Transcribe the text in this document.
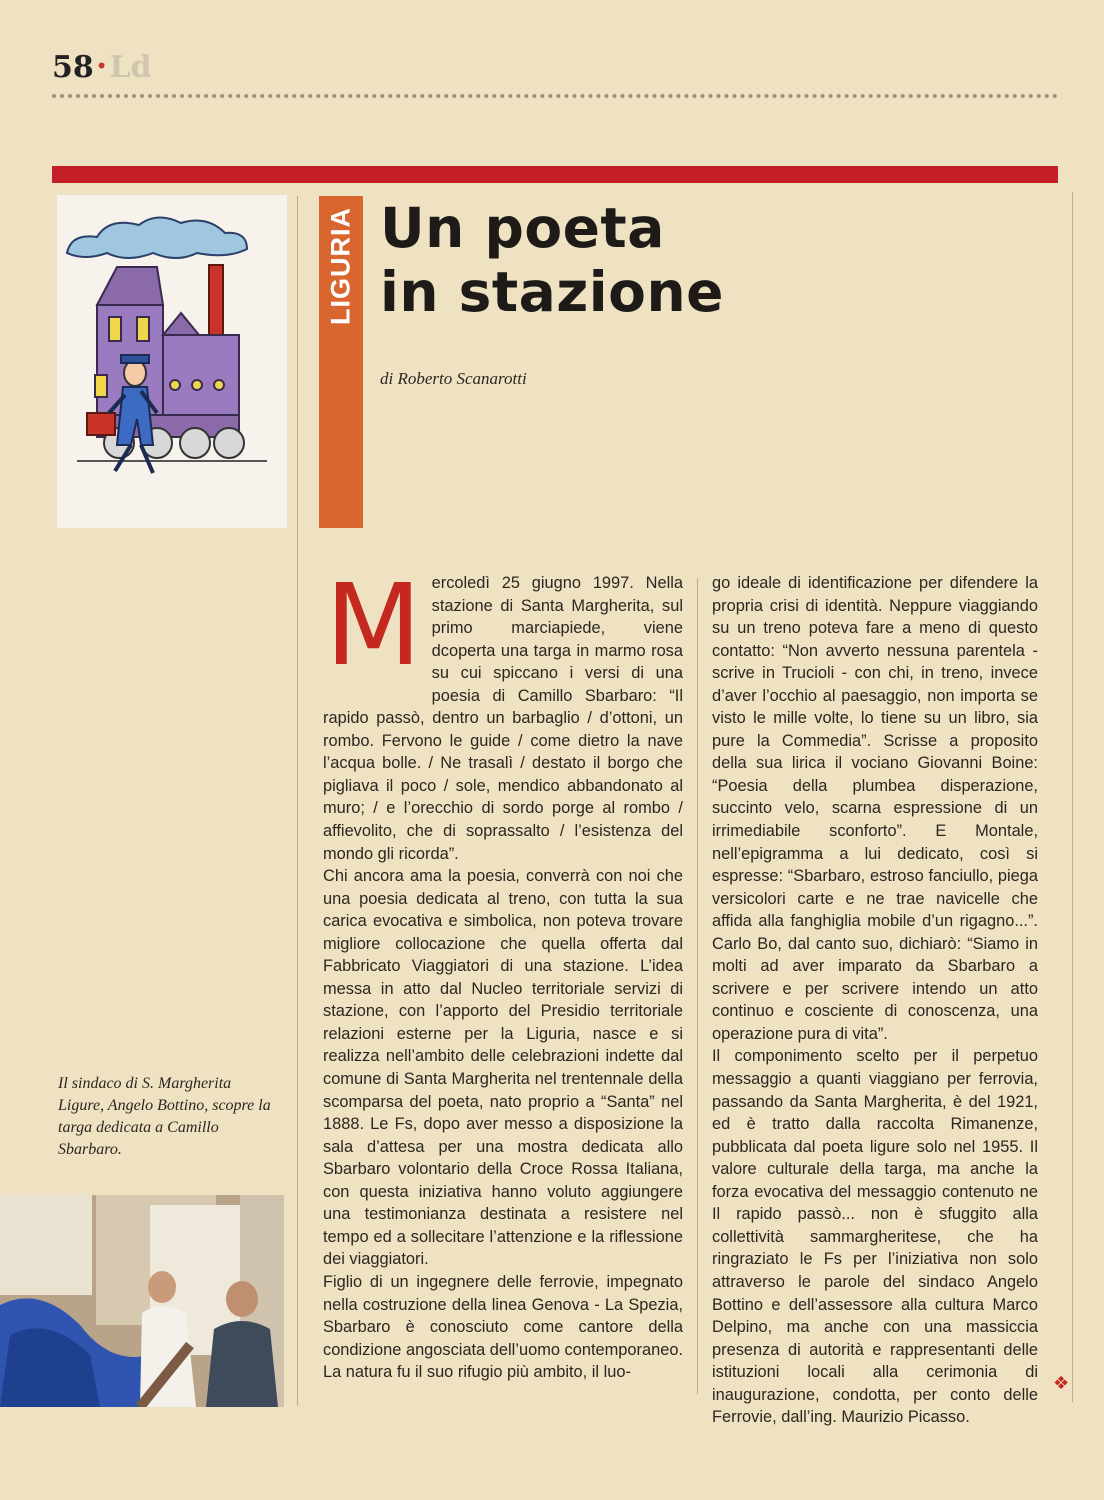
58 • Ld
Il sindaco di S. Margherita Ligure, Angelo Bottino, scopre la targa dedicata a Camillo Sbarbaro.
LIGURIA Un poeta
in stazione
di Roberto Scanarotti
M ercoledì 25 giugno 1997. Nella stazione di Santa Margherita, sul primo marciapiede, viene dcoperta una targa in marmo rosa su cui spiccano i versi di una poesia di Camillo Sbarbaro: “Il rapido passò, dentro un barbaglio / d’ottoni, un rombo. Fervono le guide / come dietro la nave l’acqua bolle. / Ne trasalì / destato il borgo che pigliava il poco / sole, mendico abbandonato al muro; / e l’orecchio di sordo porge al rombo / affievolito, che di soprassalto / l’esistenza del mondo gli ricorda”.

Chi ancora ama la poesia, converrà con noi che una poesia dedicata al treno, con tutta la sua carica evocativa e simbolica, non poteva trovare migliore collocazione che quella offerta dal Fabbricato Viaggiatori di una stazione. L’idea messa in atto dal Nucleo territoriale servizi di stazione, con l’apporto del Presidio territoriale relazioni esterne per la Liguria, nasce e si realizza nell’ambito delle celebrazioni indette dal comune di Santa Margherita nel trentennale della scomparsa del poeta, nato proprio a “Santa” nel 1888. Le Fs, dopo aver messo a disposizione la sala d’attesa per una mostra dedicata allo Sbarbaro volontario della Croce Rossa Italiana, con questa iniziativa hanno voluto aggiungere una testimonianza destinata a resistere nel tempo ed a sollecitare l’attenzione e la riflessione dei viaggiatori.

Figlio di un ingegnere delle ferrovie, impegnato nella costruzione della linea Genova - La Spezia, Sbarbaro è conosciuto come cantore della condizione angosciata dell’uomo contemporaneo. La natura fu il suo rifugio più ambito, il luo-

go ideale di identificazione per difendere la propria crisi di identità. Neppure viaggiando su un treno poteva fare a meno di questo contatto: “Non avverto nessuna parentela - scrive in Trucioli - con chi, in treno, invece d’aver l’occhio al paesaggio, non importa se visto le mille volte, lo tiene su un libro, sia pure la Commedia”. Scrisse a proposito della sua lirica il vociano Giovanni Boine: “Poesia della plumbea disperazione, succinto velo, scarna espressione di un irrimediabile sconforto”. E Montale, nell’epigramma a lui dedicato, così si espresse: “Sbarbaro, estroso fanciullo, piega versicolori carte e ne trae navicelle che affida alla fanghiglia mobile d’un rigagno...”. Carlo Bo, dal canto suo, dichiarò: “Siamo in molti ad aver imparato da Sbarbaro a scrivere e per scrivere intendo un atto continuo e cosciente di conoscenza, una operazione pura di vita”.

Il componimento scelto per il perpetuo messaggio a quanti viaggiano per ferrovia, passando da Santa Margherita, è del 1921, ed è tratto dalla raccolta Rimanenze, pubblicata dal poeta ligure solo nel 1955. Il valore culturale della targa, ma anche la forza evocativa del messaggio contenuto ne Il rapido passò... non è sfuggito alla collettività sammargheritese, che ha ringraziato le Fs per l’iniziativa non solo attraverso le parole del sindaco Angelo Bottino e dell’assessore alla cultura Marco Delpino, ma anche con una massiccia presenza di autorità e rappresentanti delle istituzioni locali alla cerimonia di inaugurazione, condotta, per conto delle Ferrovie, dall’ing. Maurizio Picasso.

❖
